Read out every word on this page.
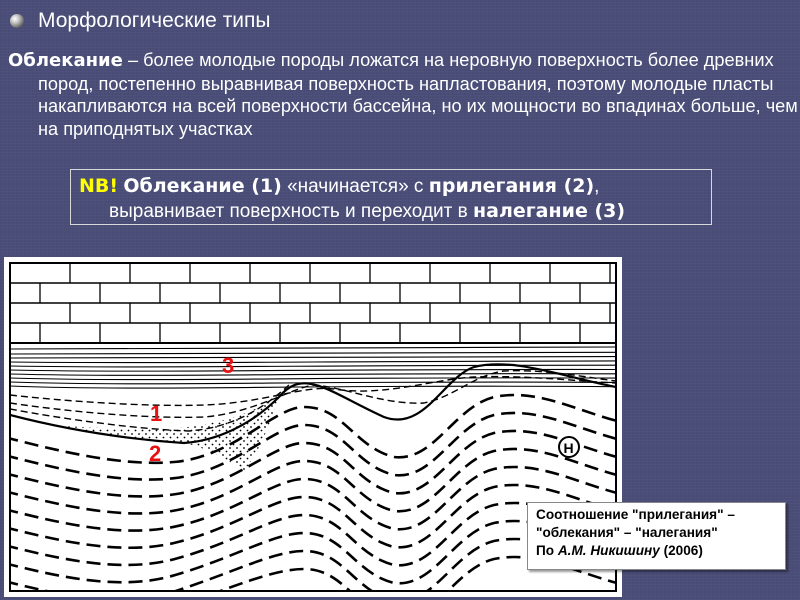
Морфологические типы
Облекание – более молодые породы ложатся на неровную поверхность более древних пород, постепенно выравнивая поверхность напластования, поэтому молодые пласты накапливаются на всей поверхности бассейна, но их мощности во впадинах больше, чем на приподнятых участках
NB! Облекание (1) «начинается» с прилегания (2),
выравнивает поверхность и переходит в налегание (3)
3
1
2	Н
Соотношение "прилегания" –
"облекания" – "налегания"
По А.М. Никишину (2006)
